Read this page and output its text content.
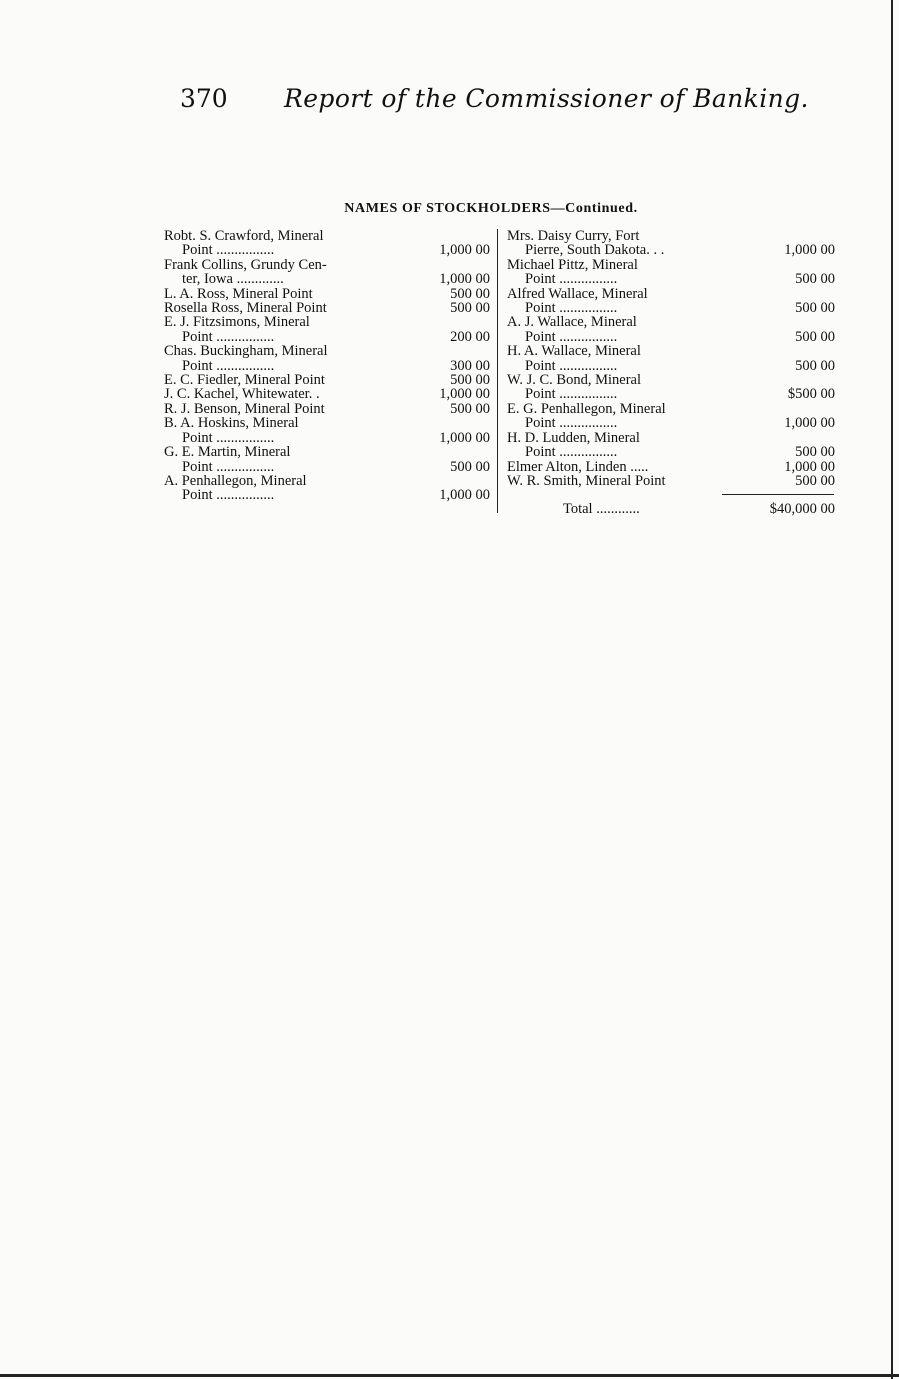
370 Report of the Commissioner of Banking.
NAMES OF STOCKHOLDERS—Continued.
Robt. S. Crawford, Mineral
Point ................	1,000 00
Frank Collins, Grundy Cen-
ter, Iowa .............	1,000 00
L. A. Ross, Mineral Point	500 00
Rosella Ross, Mineral Point	500 00
E. J. Fitzsimons, Mineral
Point ................	200 00
Chas. Buckingham, Mineral
Point ................	300 00
E. C. Fiedler, Mineral Point	500 00
J. C. Kachel, Whitewater. .	1,000 00
R. J. Benson, Mineral Point	500 00
B. A. Hoskins, Mineral
Point ................	1,000 00
G. E. Martin, Mineral
Point ................	500 00
A. Penhallegon, Mineral
Point ................	1,000 00
Mrs. Daisy Curry, Fort
Pierre, South Dakota. . .	1,000 00
Michael Pittz, Mineral
Point ................	500 00
Alfred Wallace, Mineral
Point ................	500 00
A. J. Wallace, Mineral
Point ................	500 00
H. A. Wallace, Mineral
Point ................	500 00
W. J. C. Bond, Mineral
Point ................	$500 00
E. G. Penhallegon, Mineral
Point ................	1,000 00
H. D. Ludden, Mineral
Point ................	500 00
Elmer Alton, Linden .....	1,000 00
W. R. Smith, Mineral Point	500 00
Total ............	$40,000 00
